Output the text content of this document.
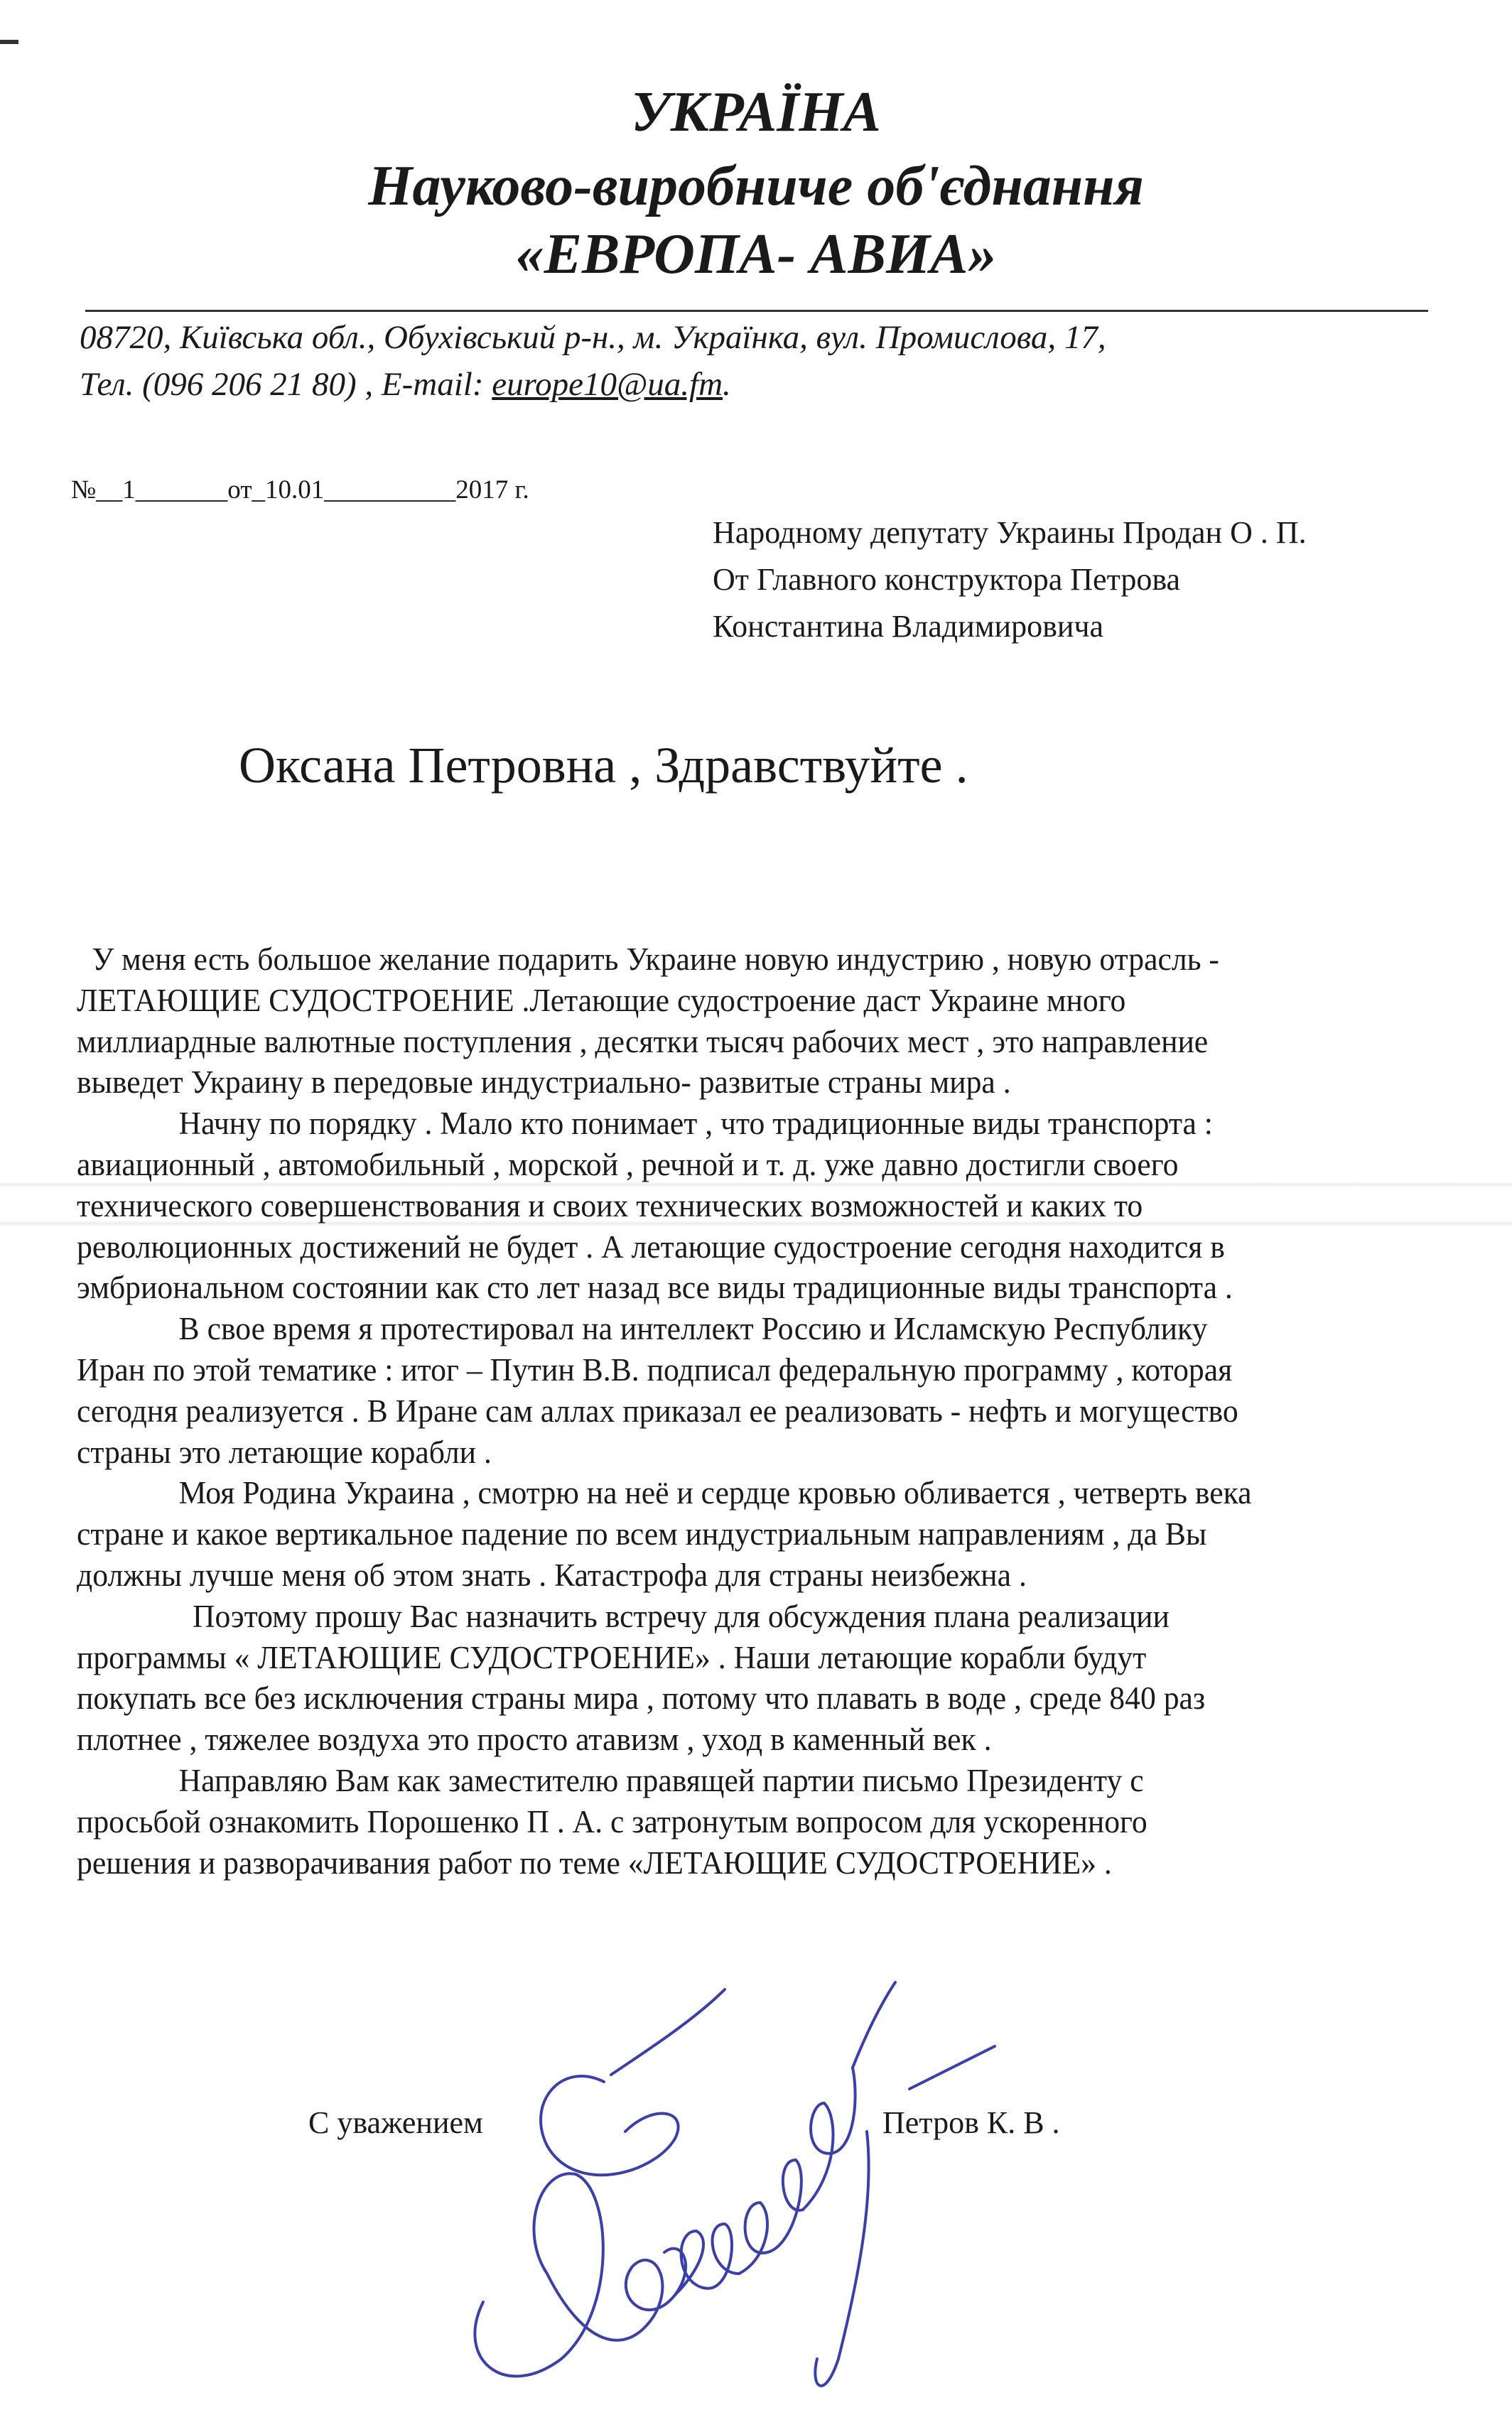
УКРАЇНА
Науково-виробниче об'єднання
«ЕВРОПА- АВИА»
08720, Київська обл., Обухівський р-н., м. Українка, вул. Промислова, 17,
Тел. (096 206 21 80) , E-mail: europe10@ua.fm.
№__1_______от_10.01__________2017 г.
Народному депутату Украины Продан О . П.
От Главного конструктора Петрова
Константина Владимировича
Оксана Петровна , Здравствуйте .
У меня есть большое желание подарить Украине новую индустрию , новую отрасль -
ЛЕТАЮЩИЕ СУДОСТРОЕНИЕ .Летающие судостроение даст Украине много
миллиардные валютные поступления , десятки тысяч рабочих мест , это направление
выведет Украину в передовые индустриально- развитые страны мира .
Начну по порядку . Мало кто понимает , что традиционные виды транспорта :
авиационный , автомобильный , морской , речной и т. д. уже давно достигли своего
технического совершенствования и своих технических возможностей и каких то
революционных достижений не будет . А летающие судостроение сегодня находится в
эмбриональном состоянии как сто лет назад все виды традиционные виды транспорта .
В свое время я протестировал на интеллект Россию и Исламскую Республику
Иран по этой тематике : итог – Путин В.В. подписал федеральную программу , которая
сегодня реализуется . В Иране сам аллах приказал ее реализовать - нефть и могущество
страны это летающие корабли .
Моя Родина Украина , смотрю на неё и сердце кровью обливается , четверть века
стране и какое вертикальное падение по всем индустриальным направлениям , да Вы
должны лучше меня об этом знать . Катастрофа для страны неизбежна .
Поэтому прошу Вас назначить встречу для обсуждения плана реализации
программы « ЛЕТАЮЩИЕ СУДОСТРОЕНИЕ» . Наши летающие корабли будут
покупать все без исключения страны мира , потому что плавать в воде , среде 840 раз
плотнее , тяжелее воздуха это просто атавизм , уход в каменный век .
Направляю Вам как заместителю правящей партии письмо Президенту с
просьбой ознакомить Порошенко П . А. с затронутым вопросом для ускоренного
решения и разворачивания работ по теме «ЛЕТАЮЩИЕ СУДОСТРОЕНИЕ» .
С уважением	Петров К. В .
